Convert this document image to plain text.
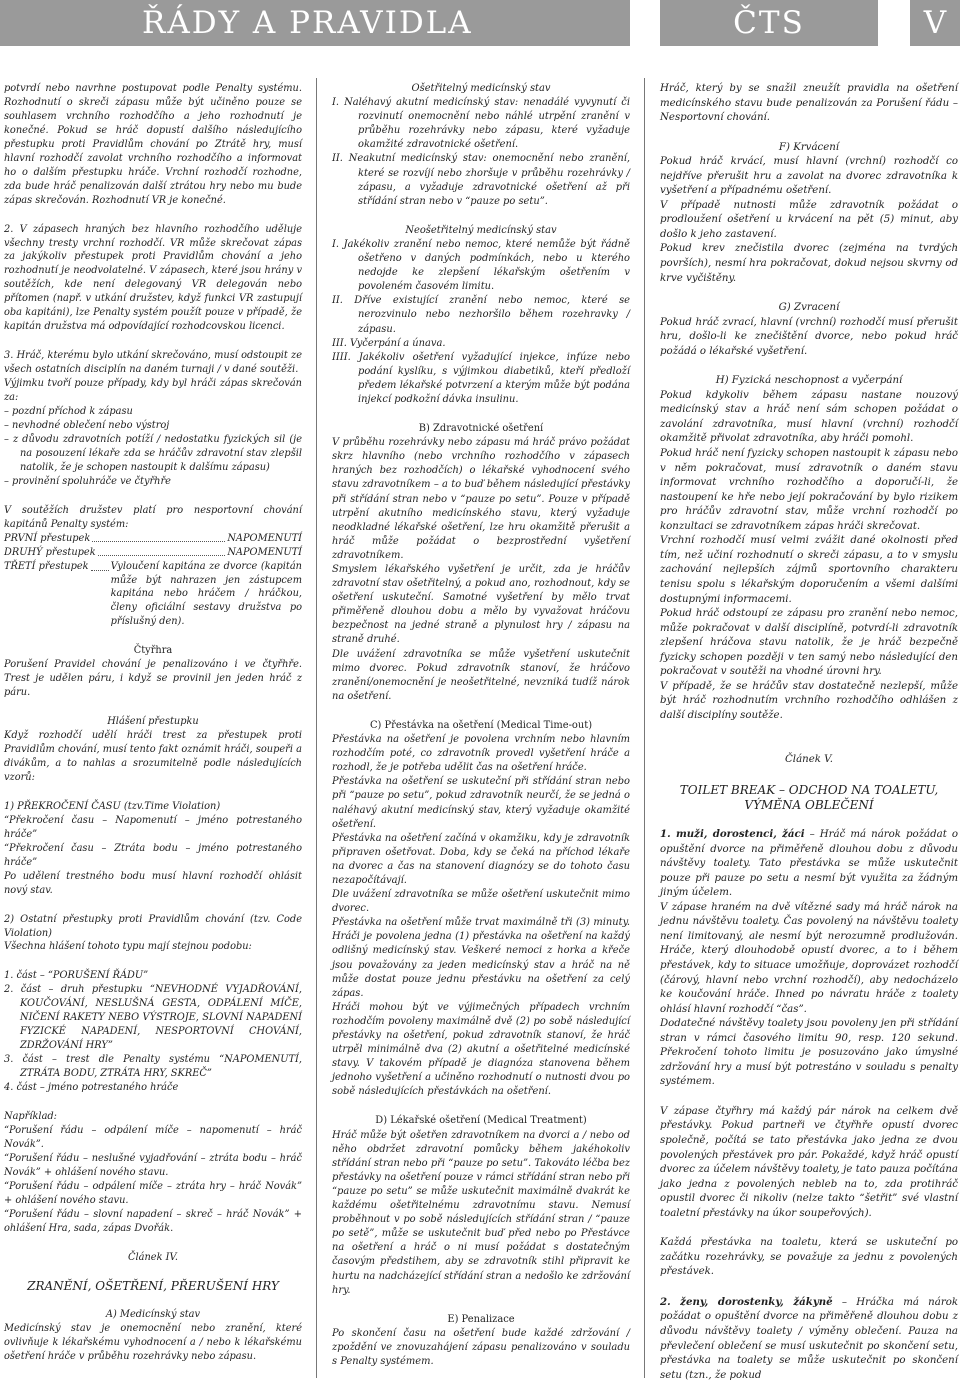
ŘÁDY A PRAVIDLA	ČTS	V

potvrdí nebo navrhne postupovat podle Penalty systému. Rozhodnutí o skreči zápasu může být učiněno pouze se souhlasem vrchního rozhodčího a jeho rozhodnutí je konečné. Pokud se hráč dopustí dalšího následujícího přestupku proti Pravidlům chování po Ztrátě hry, musí hlavní rozhodčí zavolat vrchního rozhodčího a informovat ho o dalším přestupku hráče. Vrchní rozhodčí rozhodne, zda bude hráč penalizován další ztrátou hry nebo mu bude zápas skrečován. Rozhodnutí VR je konečné.

2. V zápasech hraných bez hlavního rozhodčího uděluje všechny tresty vrchní rozhodčí. VR může skrečovat zápas za jakýkoliv přestupek proti Pravidlům chování a jeho rozhodnutí je neodvolatelné. V zápasech, které jsou hrány v soutěžích, kde není delegovaný VR delegován nebo přítomen (např. v utkání družstev, když funkci VR zastupují oba kapitáni), lze Penalty systém použít pouze v případě, že kapitán družstva má odpovídající rozhodcovskou licenci.

3. Hráč, kterému bylo utkání skrečováno, musí odstoupit ze všech ostatních disciplín na daném turnaji / v dané soutěži.

Výjimku tvoří pouze případy, kdy byl hráči zápas skrečován za:

– pozdní příchod k zápasu

– nevhodné oblečení nebo výstroj

– z důvodu zdravotních potíží / nedostatku fyzických sil (je na posouzení lékaře zda se hráčův zdravotní stav zlepšil natolik, že je schopen nastoupit k dalšímu zápasu)

– provinění spoluhráče ve čtyřhře

V soutěžích družstev platí pro nesportovní chování kapitánů Penalty systém:

PRVNÍ přestupek	NAPOMENUTÍ
DRUHÝ přestupek	NAPOMENUTÍ
TŘETÍ přestupek Vyloučení kapitána ze dvorce (kapitán může být nahrazen jen zástupcem kapitána nebo hráčem / hráčkou, členy oficiální sestavy družstva po příslušný den).

Čtyřhra

Porušení Pravidel chování je penalizováno i ve čtyřhře. Trest je udělen páru, i když se provinil jen jeden hráč z páru.

Hlášení přestupku

Když rozhodčí udělí hráči trest za přestupek proti Pravidlům chování, musí tento fakt oznámit hráči, soupeři a divákům, a to nahlas a srozumitelně podle následujících vzorů:

1) PŘEKROČENÍ ČASU (tzv.Time Violation)

“Překročení času – Napomenutí – jméno potrestaného hráče”

“Překročení času – Ztráta bodu – jméno potrestaného hráče”

Po udělení trestného bodu musí hlavní rozhodčí ohlásit nový stav.

2) Ostatní přestupky proti Pravidlům chování (tzv. Code Violation)

Všechna hlášení tohoto typu mají stejnou podobu:

1. část – “PORUŠENÍ ŘÁDU”

2. část – druh přestupku “NEVHODNÉ VYJADŘOVÁNÍ, KOUČOVÁNÍ, NESLUŠNÁ GESTA, ODPÁLENÍ MÍČE, NIČENÍ RAKETY NEBO VÝSTROJE, SLOVNÍ NAPADENÍ FYZICKÉ NAPADENÍ, NESPORTOVNÍ CHOVÁNÍ, ZDRŽOVÁNÍ HRY”

3. část – trest dle Penalty systému “NAPOMENUTÍ, ZTRÁTA BODU, ZTRÁTA HRY, SKREČ”

4. část – jméno potrestaného hráče

Například:

“Porušení řádu – odpálení míče – napomenutí – hráč Novák”.

“Porušení řádu – neslušné vyjadřování – ztráta bodu – hráč Novák” + ohlášení nového stavu.

“Porušení řádu – odpálení míče – ztráta hry – hráč Novák” + ohlášení nového stavu.

“Porušení řádu – slovní napadení – skreč – hráč Novák” + ohlášení Hra, sada, zápas Dvořák.

Článek IV.

ZRANĚNÍ, OŠETŘENÍ, PŘERUŠENÍ HRY

A) Medicínský stav

Medicínský stav je onemocnění nebo zranění, které ovlivňuje k lékařskému vyhodnocení a / nebo k lékařskému ošetření hráče v průběhu rozehrávky nebo zápasu.

Ošetřitelný medicínský stav

I. Naléhavý akutní medicínský stav: nenadálé vyvynutí či rozvinutí onemocnění nebo náhlé utrpění zranění v průběhu rozehrávky nebo zápasu, které vyžaduje okamžité zdravotnické ošetření.

II. Neakutní medicínský stav: onemocnění nebo zranění, které se rozvíjí nebo zhoršuje v průběhu rozehrávky / zápasu, a vyžaduje zdravotnické ošetření až při střídání stran nebo v “pauze po setu”.

Neošetřitelný medicínský stav

I. Jakékoliv zranění nebo nemoc, které nemůže být řádně ošetřeno v daných podmínkách, nebo u kterého nedojde ke zlepšení lékařským ošetřením v povoleném časovém limitu.

II. Dříve existující zranění nebo nemoc, které se nerozvinulo nebo nezhoršilo během rozehravky / zápasu.

III. Vyčerpání a únava.

IIII. Jakékoliv ošetření vyžadující injekce, infúze nebo podání kyslíku, s výjimkou diabetiků, kteří předloží předem lékařské potvrzení a kterým může být podána injekcí podkožní dávka insulinu.

B) Zdravotnické ošetření

V průběhu rozehrávky nebo zápasu má hráč právo požádat skrz hlavního (nebo vrchního rozhodčího v zápasech hraných bez rozhodčích) o lékařské vyhodnocení svého stavu zdravotníkem – a to buď během následující přestávky při střídání stran nebo v “pauze po setu”. Pouze v případě utrpění akutního medicínského stavu, který vyžaduje neodkladné lékařské ošetření, lze hru okamžitě přerušit a hráč může požádat o bezprostřední vyšetření zdravotníkem.

Smyslem lékařského vyšetření je určit, zda je hráčův zdravotní stav ošetřitelný, a pokud ano, rozhodnout, kdy se ošetření uskuteční. Samotné vyšetření by mělo trvat přiměřeně dlouhou dobu a mělo by vyvažovat hráčovu bezpečnost na jedné straně a plynulost hry / zápasu na straně druhé.

Dle uvážení zdravotníka se může vyšetření uskutečnit mimo dvorec. Pokud zdravotník stanoví, že hráčovo zranění/onemocnění je neošetřitelné, nevzniká tudíž nárok na ošetření.

C) Přestávka na ošetření (Medical Time-out)

Přestávka na ošetření je povolena vrchním nebo hlavním rozhodčím poté, co zdravotník provedl vyšetření hráče a rozhodl, že je potřeba udělit čas na ošetření hráče.

Přestávka na ošetření se uskuteční při střídání stran nebo při “pauze po setu”, pokud zdravotník neurčí, že se jedná o naléhavý akutní medicínský stav, který vyžaduje okamžité ošetření.

Přestávka na ošetření začíná v okamžiku, kdy je zdravotník připraven ošetřovat. Doba, kdy se čeká na příchod lékaře na dvorec a čas na stanovení diagnózy se do tohoto času nezapočítávají.

Dle uvážení zdravotníka se může ošetření uskutečnit mimo dvorec.

Přestávka na ošetření může trvat maximálně tři (3) minuty. Hráči je povolena jedna (1) přestávka na ošetření na každý odlišný medicínský stav. Veškeré nemoci z horka a křeče jsou považovány za jeden medicínský stav a hráč na ně může dostat pouze jednu přestávku na ošetření za celý zápas.

Hráči mohou být ve výjimečných případech vrchním rozhodčím povoleny maximálně dvě (2) po sobě následující přestávky na ošetření, pokud zdravotník stanoví, že hráč utrpěl minimálně dva (2) akutní a ošetřitelné medicínské stavy. V takovém případě je diagnóza stanovena během jednoho vyšetření a učiněno rozhodnutí o nutnosti dvou po sobě následujících přestávkách na ošetření.

D) Lékařské ošetření (Medical Treatment)

Hráč může být ošetřen zdravotníkem na dvorci a / nebo od něho obdržet zdravotní pomůcky během jakéhokoliv střídání stran nebo při “pauze po setu”. Takováto léčba bez přestávky na ošetření pouze v rámci střídání stran nebo při “pauze po setu” se může uskutečnit maximálně dvakrát ke každému ošetřitelnému zdravotnímu stavu. Nemusí proběhnout v po sobě následujících střídání stran / “pauze po setě”, může se uskutečnit buď před nebo po Přestávce na ošetření a hráč o ni musí požádat s dostatečným časovým předstihem, aby se zdravotník stihl připravit ke hurtu na nadcházející střídání stran a nedošlo ke zdržování hry.

E) Penalizace

Po skončení času na ošetření bude každé zdržování / zpoždění ve znovuzahájení zápasu penalizováno v souladu s Penalty systémem.

Hráč, který by se snažil zneužít pravidla na ošetření medicínského stavu bude penalizován za Porušení řádu – Nesportovní chování.

F) Krvácení

Pokud hráč krvácí, musí hlavní (vrchní) rozhodčí co nejdříve přerušit hru a zavolat na dvorec zdravotníka k vyšetření a případnému ošetření.

V případě nutnosti může zdravotník požádat o prodloužení ošetření u krvácení na pět (5) minut, aby došlo k jeho zastavení.

Pokud krev znečistila dvorec (zejména na tvrdých površích), nesmí hra pokračovat, dokud nejsou skvrny od krve vyčištěny.

G) Zvracení

Pokud hráč zvrací, hlavní (vrchní) rozhodčí musí přerušit hru, došlo-li ke znečištění dvorce, nebo pokud hráč požádá o lékařské vyšetření.

H) Fyzická neschopnost a vyčerpání

Pokud kdykoliv během zápasu nastane nouzový medicínský stav a hráč není sám schopen požádat o zavolání zdravotníka, musí hlavní (vrchní) rozhodčí okamžitě přivolat zdravotníka, aby hráči pomohl.

Pokud hráč není fyzicky schopen nastoupit k zápasu nebo v něm pokračovat, musí zdravotník o daném stavu informovat vrchního rozhodčího a doporučí-li, že nastoupení ke hře nebo její pokračování by bylo rizikem pro hráčův zdravotní stav, může vrchní rozhodčí po konzultaci se zdravotníkem zápas hráči skrečovat.

Vrchní rozhodčí musí velmi zvážit dané okolnosti před tím, než učiní rozhodnutí o skreči zápasu, a to v smyslu zachování nejlepších zájmů sportovního charakteru tenisu spolu s lékařským doporučením a všemi dalšími dostupnými informacemi.

Pokud hráč odstoupí ze zápasu pro zranění nebo nemoc, může pokračovat v další disciplíně, potvrdí-li zdravotník zlepšení hráčova stavu natolik, že je hráč bezpečně fyzicky schopen později v ten samý nebo následující den pokračovat v soutěži na vhodné úrovni hry.

V případě, že se hráčův stav dostatečně nezlepší, může být hráč rozhodnutím vrchního rozhodčího odhlášen z další disciplíny soutěže.

Článek V.

TOILET BREAK – ODCHOD NA TOALETU, VÝMĚNA OBLEČENÍ

1. muži, dorostenci, žáci – Hráč má nárok požádat o opuštění dvorce na přiměřeně dlouhou dobu z důvodu návštěvy toalety. Tato přestávka se může uskutečnit pouze při pauze po setu a nesmí být využita za žádným jiným účelem.

V zápase hraném na dvě vítězné sady má hráč nárok na jednu návštěvu toalety. Čas povolený na návštěvu toalety není limitovaný, ale nesmí být nerozumně prodlužován. Hráče, který dlouhodobě opustí dvorec, a to i během přestávek, kdy to situace umožňuje, doprovázet rozhodčí (čárový, hlavní nebo vrchní rozhodčí), aby nedocházelo ke koučování hráče. Ihned po návratu hráče z toalety ohlásí hlavní rozhodčí “čas”.

Dodatečné návštěvy toalety jsou povoleny jen při střídání stran v rámci časového limitu 90, resp. 120 sekund. Překročení tohoto limitu je posuzováno jako úmyslné zdržování hry a musí být potrestáno v souladu s penalty systémem.

V zápase čtyřhry má každý pár nárok na celkem dvě přestávky. Pokud partneři ve čtyřhře opustí dvorec společně, počítá se tato přestávka jako jedna ze dvou povolených přestávek pro pár. Pokaždé, když hráč opustí dvorec za účelem návštěvy toalety, je tato pauza počítána jako jedna z povolených nebleb na to, zda protihráč opustil dvorec či nikoliv (nelze takto “šetřit” své vlastní toaletní přestávky na úkor soupeřových).

Každá přestávka na toaletu, která se uskuteční po začátku rozehrávky, se považuje za jednu z povolených přestávek.

2. ženy, dorostenky, žákyně – Hráčka má nárok požádat o opuštění dvorce na přiměřeně dlouhou dobu z důvodu návštěvy toalety / výměny oblečení. Pauza na převlečení oblečení se musí uskutečnit po skončení setu, přestávka na toalety se může uskutečnit po skončení setu (tzn., že pokud
